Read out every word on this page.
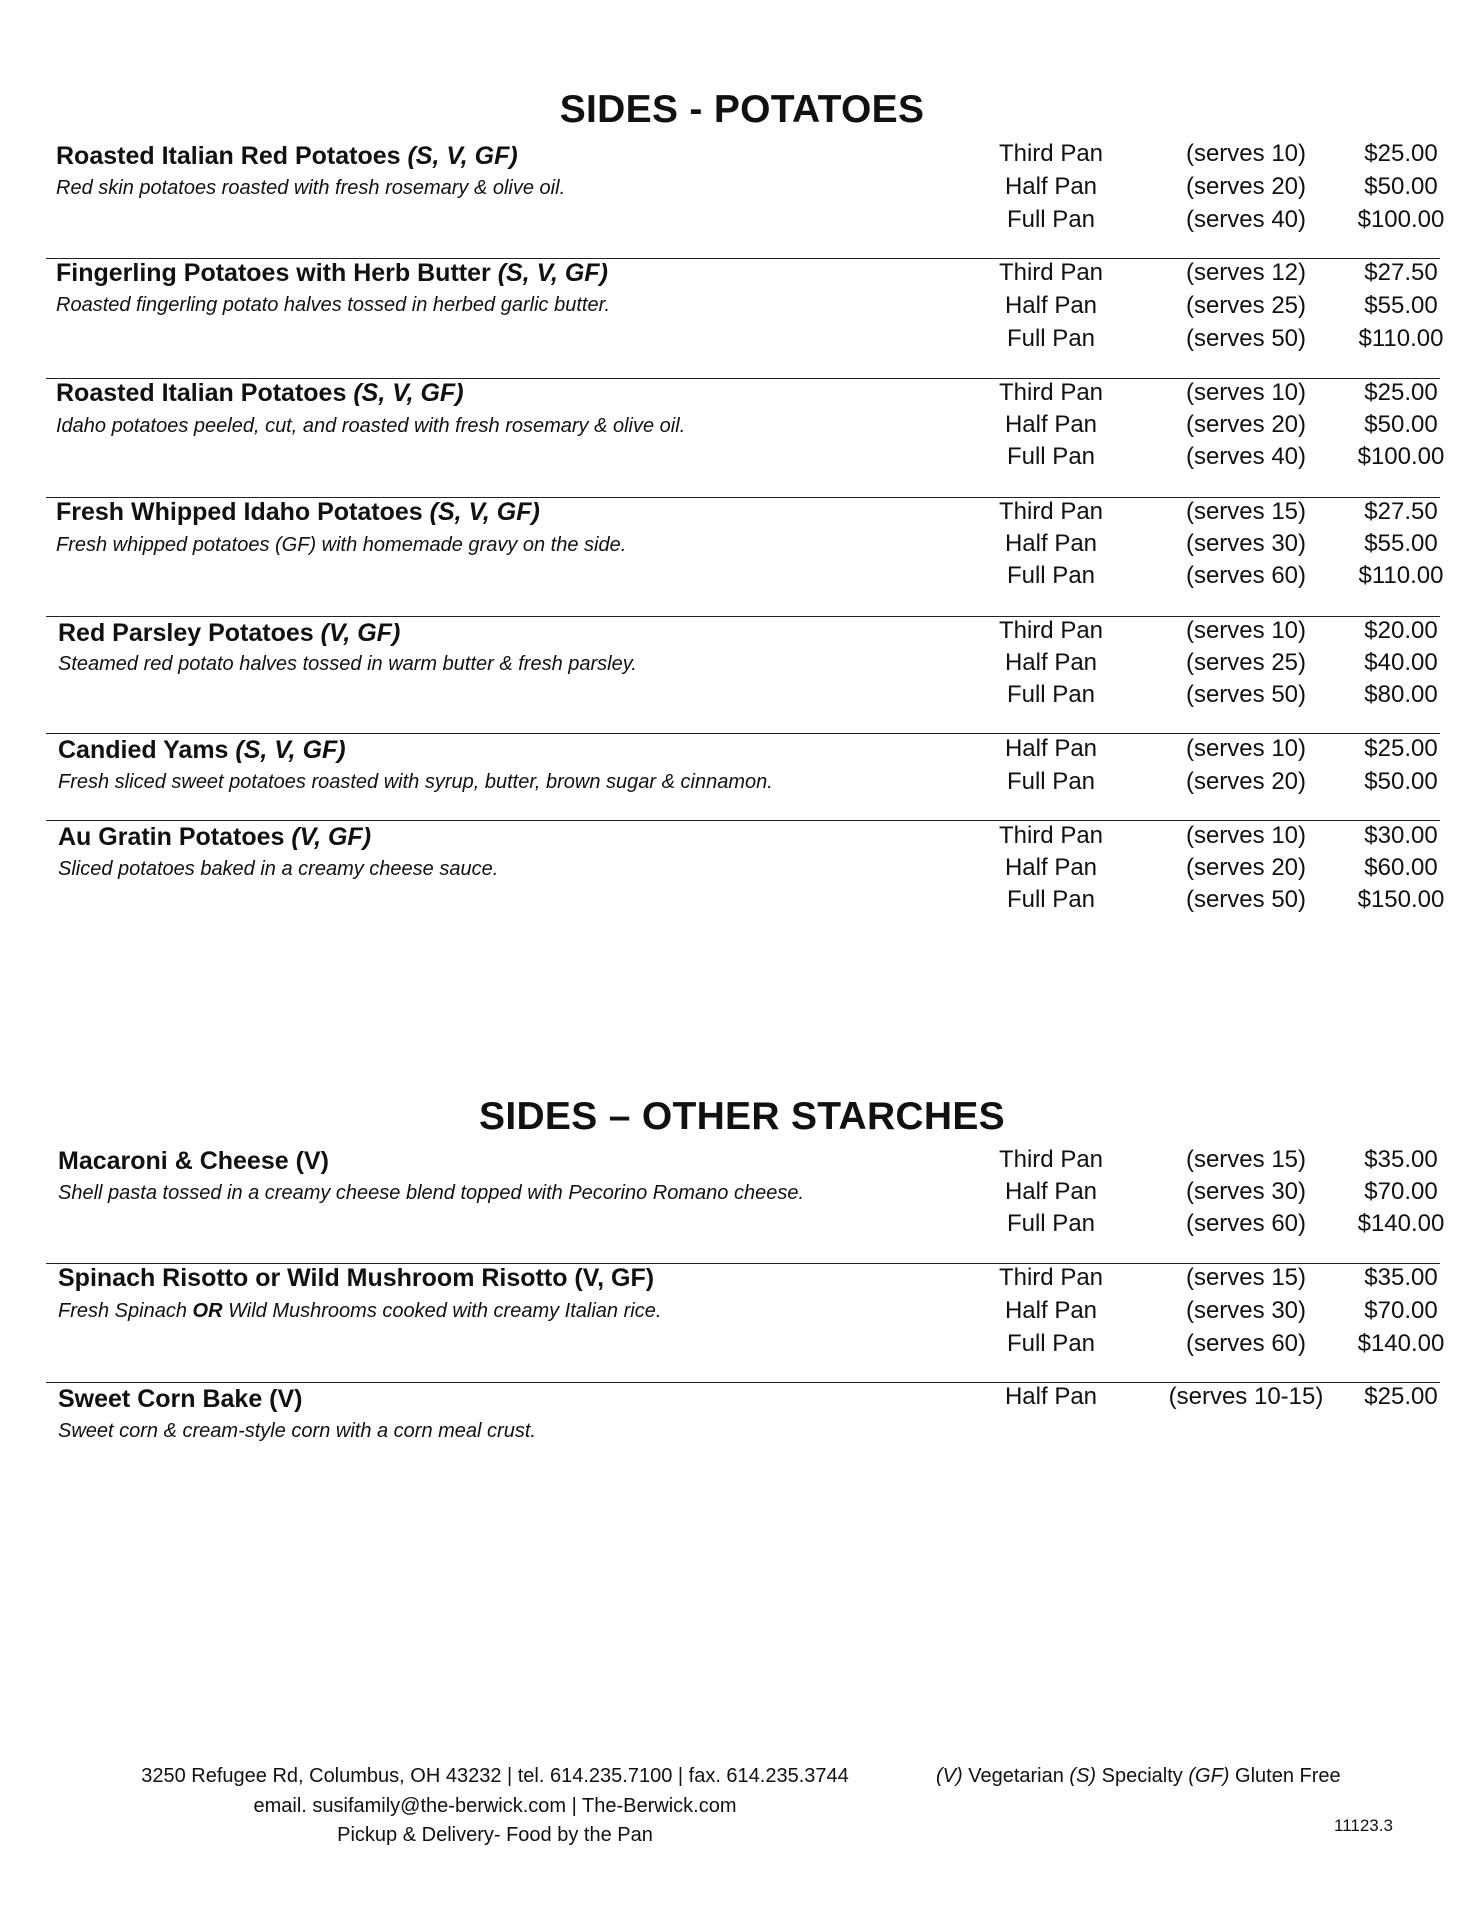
SIDES - POTATOES
Roasted Italian Red Potatoes (S, V, GF)
Red skin potatoes roasted with fresh rosemary & olive oil.
Third Pan	(serves 10)	$25.00
Half Pan	(serves 20)	$50.00
Full Pan	(serves 40)	$100.00
Fingerling Potatoes with Herb Butter (S, V, GF)
Roasted fingerling potato halves tossed in herbed garlic butter.
Third Pan	(serves 12)	$27.50
Half Pan	(serves 25)	$55.00
Full Pan	(serves 50)	$110.00
Roasted Italian Potatoes (S, V, GF)
Idaho potatoes peeled, cut, and roasted with fresh rosemary & olive oil.
Third Pan	(serves 10)	$25.00
Half Pan	(serves 20)	$50.00
Full Pan	(serves 40)	$100.00
Fresh Whipped Idaho Potatoes (S, V, GF)
Fresh whipped potatoes (GF) with homemade gravy on the side.
Third Pan	(serves 15)	$27.50
Half Pan	(serves 30)	$55.00
Full Pan	(serves 60)	$110.00
Red Parsley Potatoes (V, GF)
Steamed red potato halves tossed in warm butter & fresh parsley.
Third Pan	(serves 10)	$20.00
Half Pan	(serves 25)	$40.00
Full Pan	(serves 50)	$80.00
Candied Yams (S, V, GF)
Fresh sliced sweet potatoes roasted with syrup, butter, brown sugar & cinnamon.
Half Pan	(serves 10)	$25.00
Full Pan	(serves 20)	$50.00
Au Gratin Potatoes (V, GF)
Sliced potatoes baked in a creamy cheese sauce.
Third Pan	(serves 10)	$30.00
Half Pan	(serves 20)	$60.00
Full Pan	(serves 50)	$150.00
SIDES – OTHER STARCHES
Macaroni & Cheese (V)
Shell pasta tossed in a creamy cheese blend topped with Pecorino Romano cheese.
Third Pan	(serves 15)	$35.00
Half Pan	(serves 30)	$70.00
Full Pan	(serves 60)	$140.00
Spinach Risotto or Wild Mushroom Risotto (V, GF)
Fresh Spinach OR Wild Mushrooms cooked with creamy Italian rice.
Third Pan	(serves 15)	$35.00
Half Pan	(serves 30)	$70.00
Full Pan	(serves 60)	$140.00
Sweet Corn Bake (V)
Sweet corn & cream-style corn with a corn meal crust.
Half Pan	(serves 10-15)	$25.00
3250 Refugee Rd, Columbus, OH 43232 | tel. 614.235.7100 | fax. 614.235.3744
email. susifamily@the-berwick.com | The-Berwick.com
Pickup & Delivery- Food by the Pan
(V) Vegetarian (S) Specialty (GF) Gluten Free
11123.3
